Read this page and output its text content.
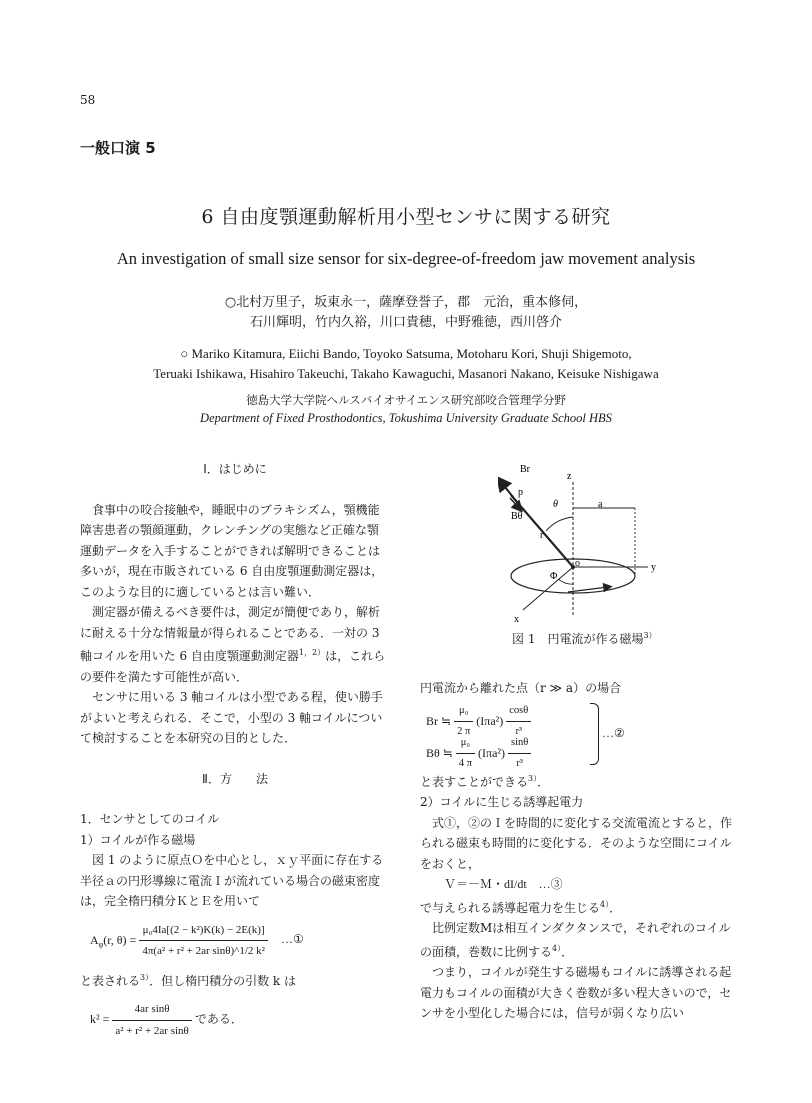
58
一般口演 5
6 自由度顎運動解析用小型センサに関する研究
An investigation of small size sensor for six-degree-of-freedom jaw movement analysis
○北村万里子，坂東永一，薩摩登誉子，郡　元治，重本修伺，
石川輝明，竹内久裕，川口貴穂，中野雅徳，西川啓介
○ Mariko Kitamura, Eiichi Bando, Toyoko Satsuma, Motoharu Kori, Shuji Shigemoto,
Teruaki Ishikawa, Hisahiro Takeuchi, Takaho Kawaguchi, Masanori Nakano, Keisuke Nishigawa
徳島大学大学院ヘルスバイオサイエンス研究部咬合管理学分野
Department of Fixed Prosthodontics, Tokushima University Graduate School HBS
Ⅰ．はじめに

食事中の咬合接触や，睡眠中のブラキシズム，顎機能障害患者の顎顔運動，クレンチングの実態など正確な顎運動データを入手することができれば解明できることは多いが，現在市販されている 6 自由度顎運動測定器は，このような目的に適しているとは言い難い．

測定器が備えるべき要件は，測定が簡便であり，解析に耐える十分な情報量が得られることである．一対の 3 軸コイルを用いた 6 自由度顎運動測定器$^{1,2)}$は，これらの要件を満たす可能性が高い．

センサに用いる 3 軸コイルは小型である程，使い勝手がよいと考えられる．そこで，小型の 3 軸コイルについて検討することを本研究の目的とした．

Ⅱ．方　　法
1．センサとしてのコイル
1）コイルが作る磁場

図 1 のように原点Ｏを中心とし，ｘｙ平面に存在する半径ａの円形導線に電流Ｉが流れている場合の磁束密度は，完全楕円積分ＫとＥを用いて

$A_\varphi(r$, $\theta) = \frac{\text{μ₀4Ia[(2 − k²)K(k) − 2E(k)]}}{\text{4π(a² + r² + 2ar sinθ)\textasciicircum{}1/2 k²}}$ …①

と表される$^{3)}$．但し楕円積分の引数 k は

$k^2 = \frac{\text{4ar sinθ}}{\text{a² + r² + 2ar sinθ}}$ である．
Br
z
p
θ	a
Bθ
r
Φ
o	y
x
図 1　円電流が作る磁場$^{3)}$
円電流から離れた点（r ≫ a）の場合
Br ≒ $\frac{\text{μ₀}}{2 \pi} (I\pi a^2) \frac{\cos\theta}{\text{r³}}$
Bθ ≒ $\frac{\text{μ₀}}{4 \pi} (I\pi a^2) \frac{\sin\theta}{\text{r³}}$	…②

と表すことができる$^{3)}$．

2）コイルに生じる誘導起電力

式①，②のＩを時間的に変化する交流電流とすると，作られる磁束も時間的に変化する．そのような空間にコイルをおくと，

Ｖ＝－Ｍ・dI/dt　…③

で与えられる誘導起電力を生じる$^{4)}$．

比例定数Mは相互インダクタンスで，それぞれのコイルの面積，巻数に比例する$^{4)}$．

つまり，コイルが発生する磁場もコイルに誘導される起電力もコイルの面積が大きく巻数が多い程大きいので，センサを小型化した場合には，信号が弱くなり広い
